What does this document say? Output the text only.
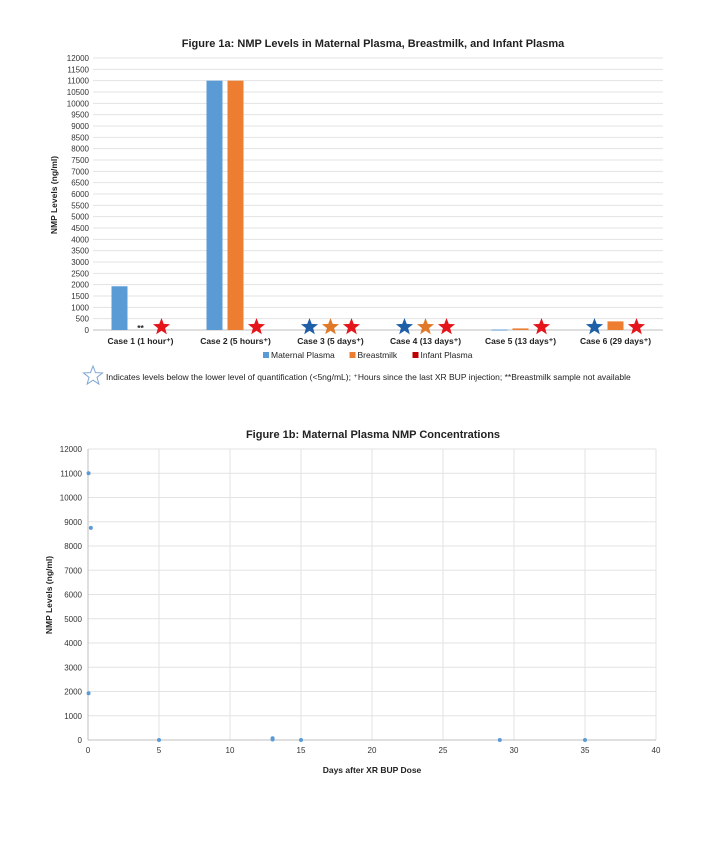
Figure 1a: NMP Levels in Maternal Plasma, Breastmilk, and Infant Plasma
NMP Levels (ng/ml)
0
500
1000
1500
2000
2500
3000
3500
4000
4500
5000
5500
6000
6500
7000
7500
8000
8500
9000
9500
10000
10500
11000
11500
12000
**
Case 1 (1 hour⁺)	Case 2 (5 hours⁺)	Case 3 (5 days⁺)	Case 4 (13 days⁺)	Case 5 (13 days⁺)	Case 6 (29 days⁺)
Maternal Plasma	Breastmilk	Infant Plasma
Indicates levels below the lower level of quantification (<5ng/mL); ⁺Hours since the last XR BUP injection; **Breastmilk sample not available
Figure 1b: Maternal Plasma NMP Concentrations
NMP Levels (ng/ml)
Days after XR BUP Dose
0
1000
2000
3000
4000
5000
6000
7000
8000
9000
10000
11000
12000
0	5	10	15	20	25	30	35	40
